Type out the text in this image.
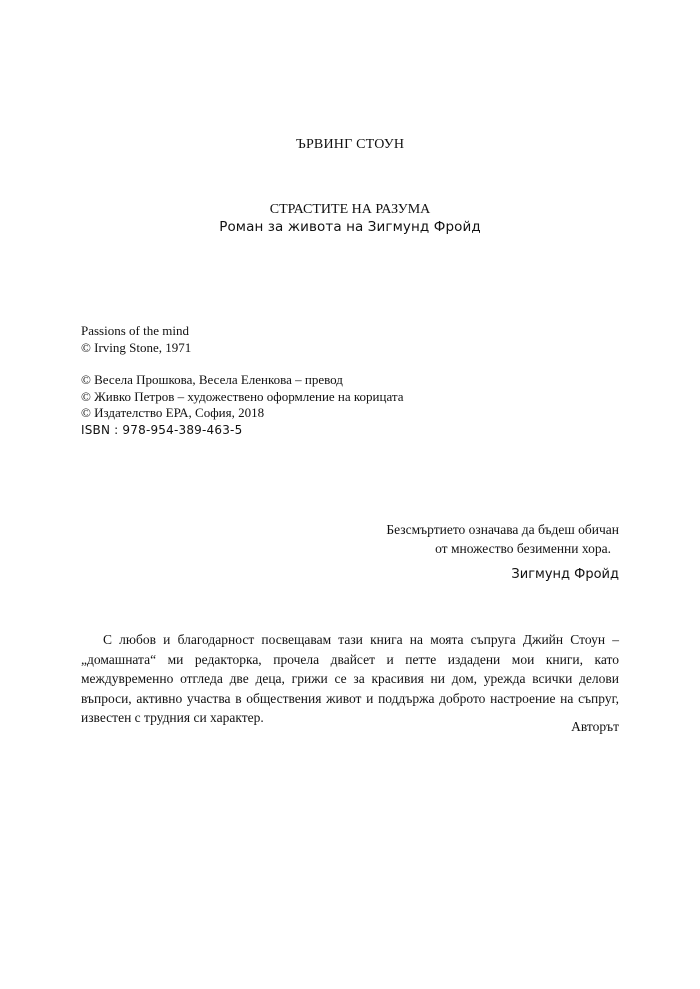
ЪРВИНГ СТОУН
СТРАСТИТЕ НА РАЗУМА
Роман за живота на Зигмунд Фройд
Passions of the mind
© Irving Stone, 1971
© Весела Прошкова, Весела Еленкова – превод
© Живко Петров – художествено оформление на корицата
© Издателство ЕРА, София, 2018
ISBN : 978-954-389-463-5
Безсмъртието означава да бъдеш обичан
от множество безименни хора.
Зигмунд Фройд
С любов и благодарност посвещавам тази книга на моята съпруга Джийн Стоун –
„домашната“ ми редакторка, прочела двайсет и петте издадени мои книги, като
междувременно отгледа две деца, грижи се за красивия ни дом, урежда всички делови
въпроси, активно участва в обществения живот и поддържа доброто настроение на съпруг,
известен с трудния си характер.
Авторът
